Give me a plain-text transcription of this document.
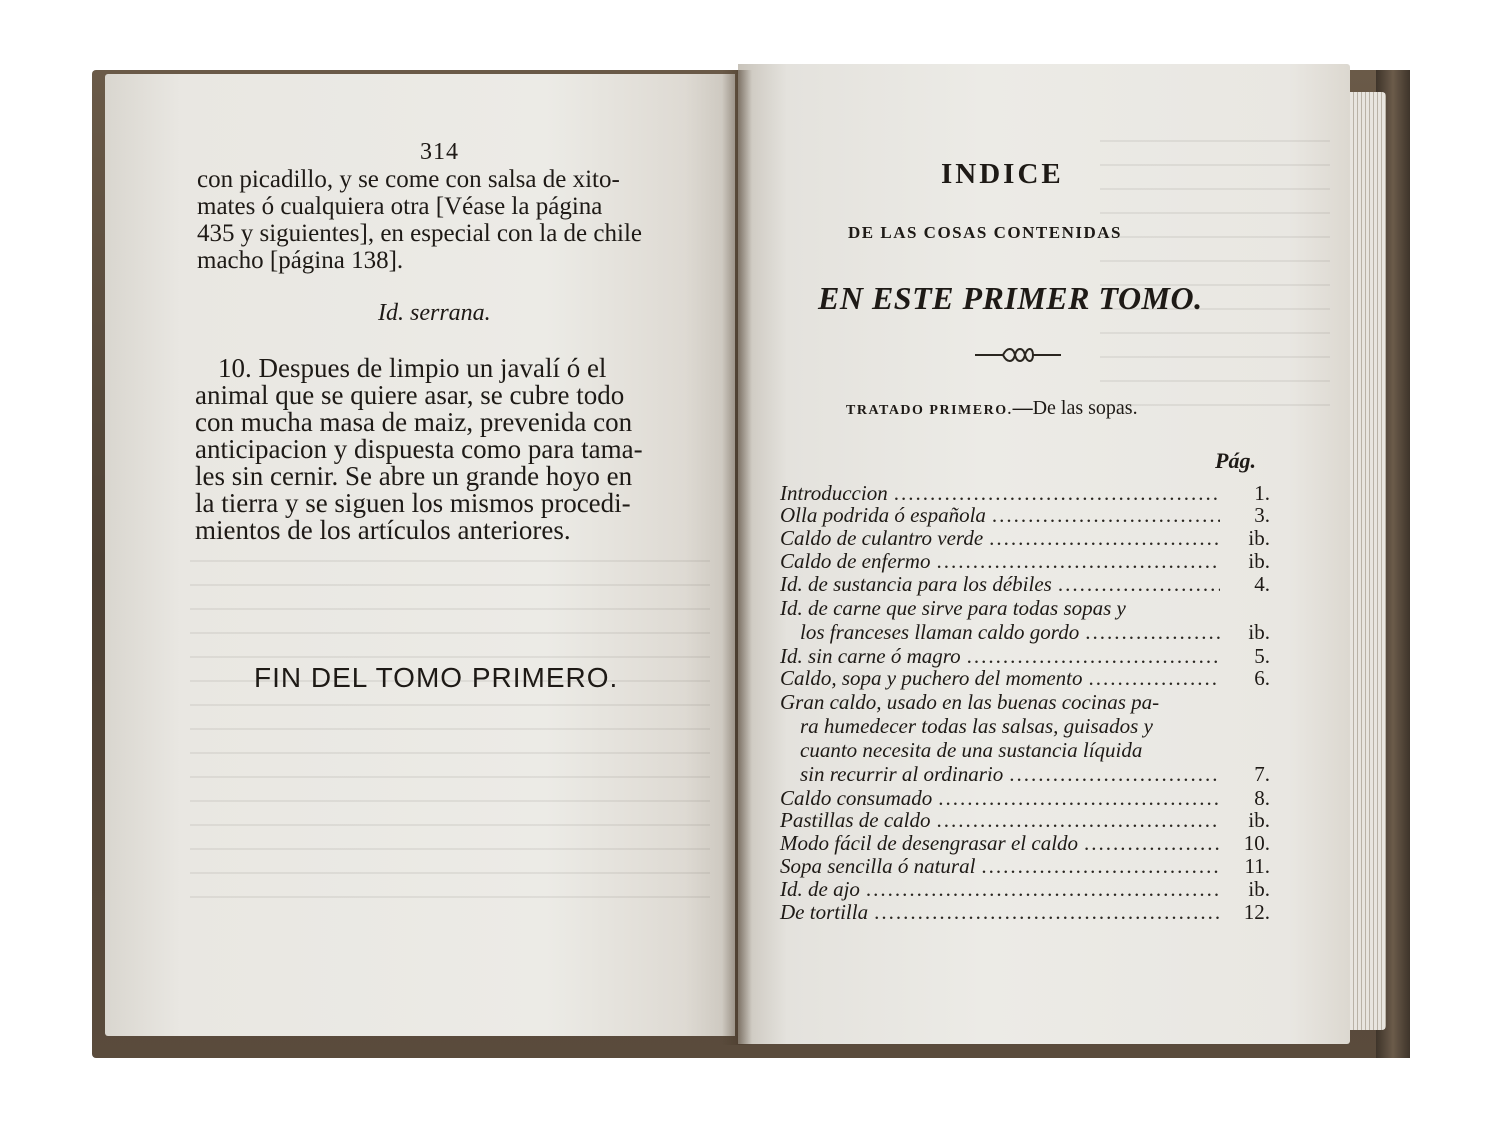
314
con picadillo, y se come con salsa de xito-
mates ó cualquiera otra [Véase la página
435 y siguientes], en especial con la de chile
macho [página 138].
Id. serrana.
10. Despues de limpio un javalí ó el
animal que se quiere asar, se cubre todo
con mucha masa de maiz, prevenida con
anticipacion y dispuesta como para tama-
les sin cernir. Se abre un grande hoyo en
la tierra y se siguen los mismos procedi-
mientos de los artículos anteriores.
FIN DEL TOMO PRIMERO.
INDICE
DE LAS COSAS CONTENIDAS
EN ESTE PRIMER TOMO.
TRATADO PRIMERO.—De las sopas.
Pág.
Introduccion .....	1.
Olla podrida ó española .....	3.
Caldo de culantro verde .....	ib.
Caldo de enfermo .....	ib.
Id. de sustancia para los débiles .....	4.
Id. de carne que sirve para todas sopas y
los franceses llaman caldo gordo .....	ib.
Id. sin carne ó magro .....	5.
Caldo, sopa y puchero del momento .....	6.
Gran caldo, usado en las buenas cocinas pa-
ra humedecer todas las salsas, guisados y
cuanto necesita de una sustancia líquida
sin recurrir al ordinario .....	7.
Caldo consumado .....	8.
Pastillas de caldo .....	ib.
Modo fácil de desengrasar el caldo .....	10.
Sopa sencilla ó natural .....	11.
Id. de ajo .....	ib.
De tortilla .....	12.
